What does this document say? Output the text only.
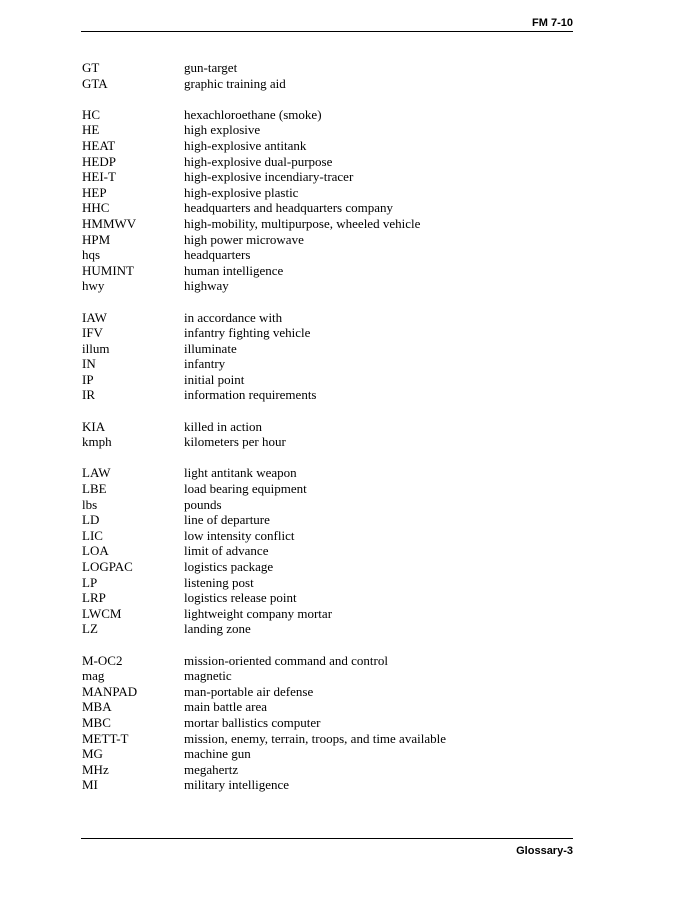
FM 7-10
GT	gun-target
GTA	graphic training aid
HC	hexachloroethane (smoke)
HE	high explosive
HEAT	high-explosive antitank
HEDP	high-explosive dual-purpose
HEI-T	high-explosive incendiary-tracer
HEP	high-explosive plastic
HHC	headquarters and headquarters company
HMMWV	high-mobility, multipurpose, wheeled vehicle
HPM	high power microwave
hqs	headquarters
HUMINT	human intelligence
hwy	highway
IAW	in accordance with
IFV	infantry fighting vehicle
illum	illuminate
IN	infantry
IP	initial point
IR	information requirements
KIA	killed in action
kmph	kilometers per hour
LAW	light antitank weapon
LBE	load bearing equipment
lbs	pounds
LD	line of departure
LIC	low intensity conflict
LOA	limit of advance
LOGPAC	logistics package
LP	listening post
LRP	logistics release point
LWCM	lightweight company mortar
LZ	landing zone
M-OC2	mission-oriented command and control
mag	magnetic
MANPAD	man-portable air defense
MBA	main battle area
MBC	mortar ballistics computer
METT-T	mission, enemy, terrain, troops, and time available
MG	machine gun
MHz	megahertz
MI	military intelligence
Glossary-3
